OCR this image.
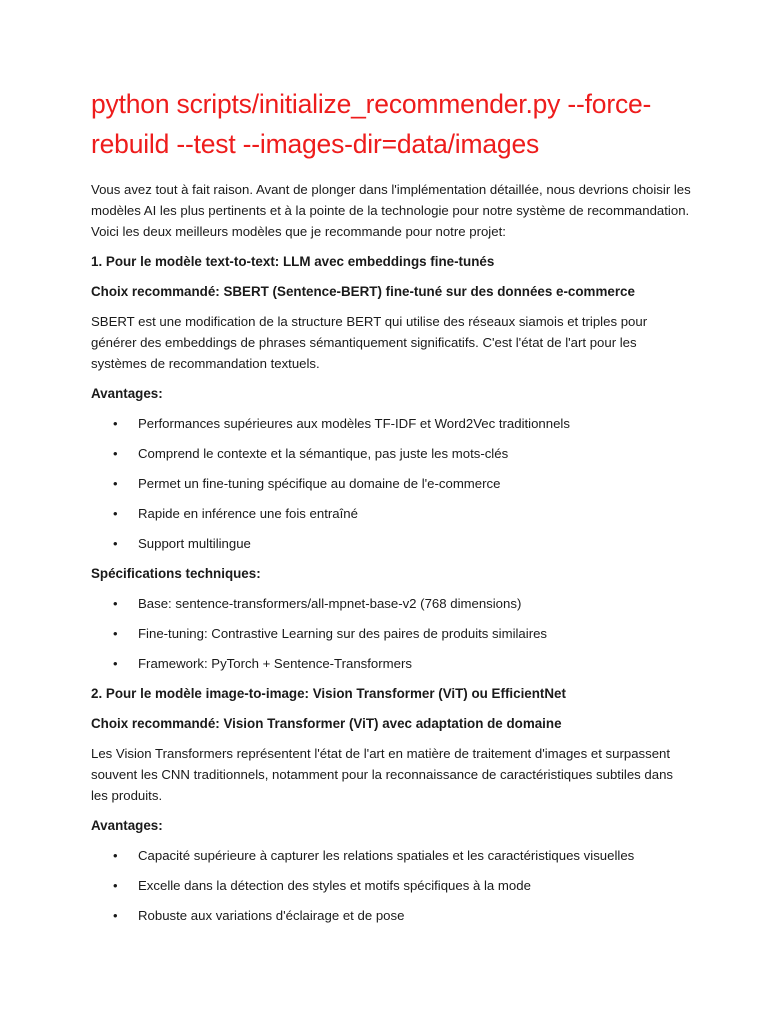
python scripts/initialize_recommender.py --force-rebuild --test --images-dir=data/images

Vous avez tout à fait raison. Avant de plonger dans l'implémentation détaillée, nous devrions choisir les modèles AI les plus pertinents et à la pointe de la technologie pour notre système de recommandation. Voici les deux meilleurs modèles que je recommande pour notre projet:

1. Pour le modèle text-to-text: LLM avec embeddings fine-tunés

Choix recommandé: SBERT (Sentence-BERT) fine-tuné sur des données e-commerce

SBERT est une modification de la structure BERT qui utilise des réseaux siamois et triples pour générer des embeddings de phrases sémantiquement significatifs. C'est l'état de l'art pour les systèmes de recommandation textuels.

Avantages:

• Performances supérieures aux modèles TF-IDF et Word2Vec traditionnels
• Comprend le contexte et la sémantique, pas juste les mots-clés
• Permet un fine-tuning spécifique au domaine de l'e-commerce
• Rapide en inférence une fois entraîné
• Support multilingue

Spécifications techniques:

• Base: sentence-transformers/all-mpnet-base-v2 (768 dimensions)
• Fine-tuning: Contrastive Learning sur des paires de produits similaires
• Framework: PyTorch + Sentence-Transformers

2. Pour le modèle image-to-image: Vision Transformer (ViT) ou EfficientNet

Choix recommandé: Vision Transformer (ViT) avec adaptation de domaine

Les Vision Transformers représentent l'état de l'art en matière de traitement d'images et surpassent souvent les CNN traditionnels, notamment pour la reconnaissance de caractéristiques subtiles dans les produits.

Avantages:

• Capacité supérieure à capturer les relations spatiales et les caractéristiques visuelles
• Excelle dans la détection des styles et motifs spécifiques à la mode
• Robuste aux variations d'éclairage et de pose
